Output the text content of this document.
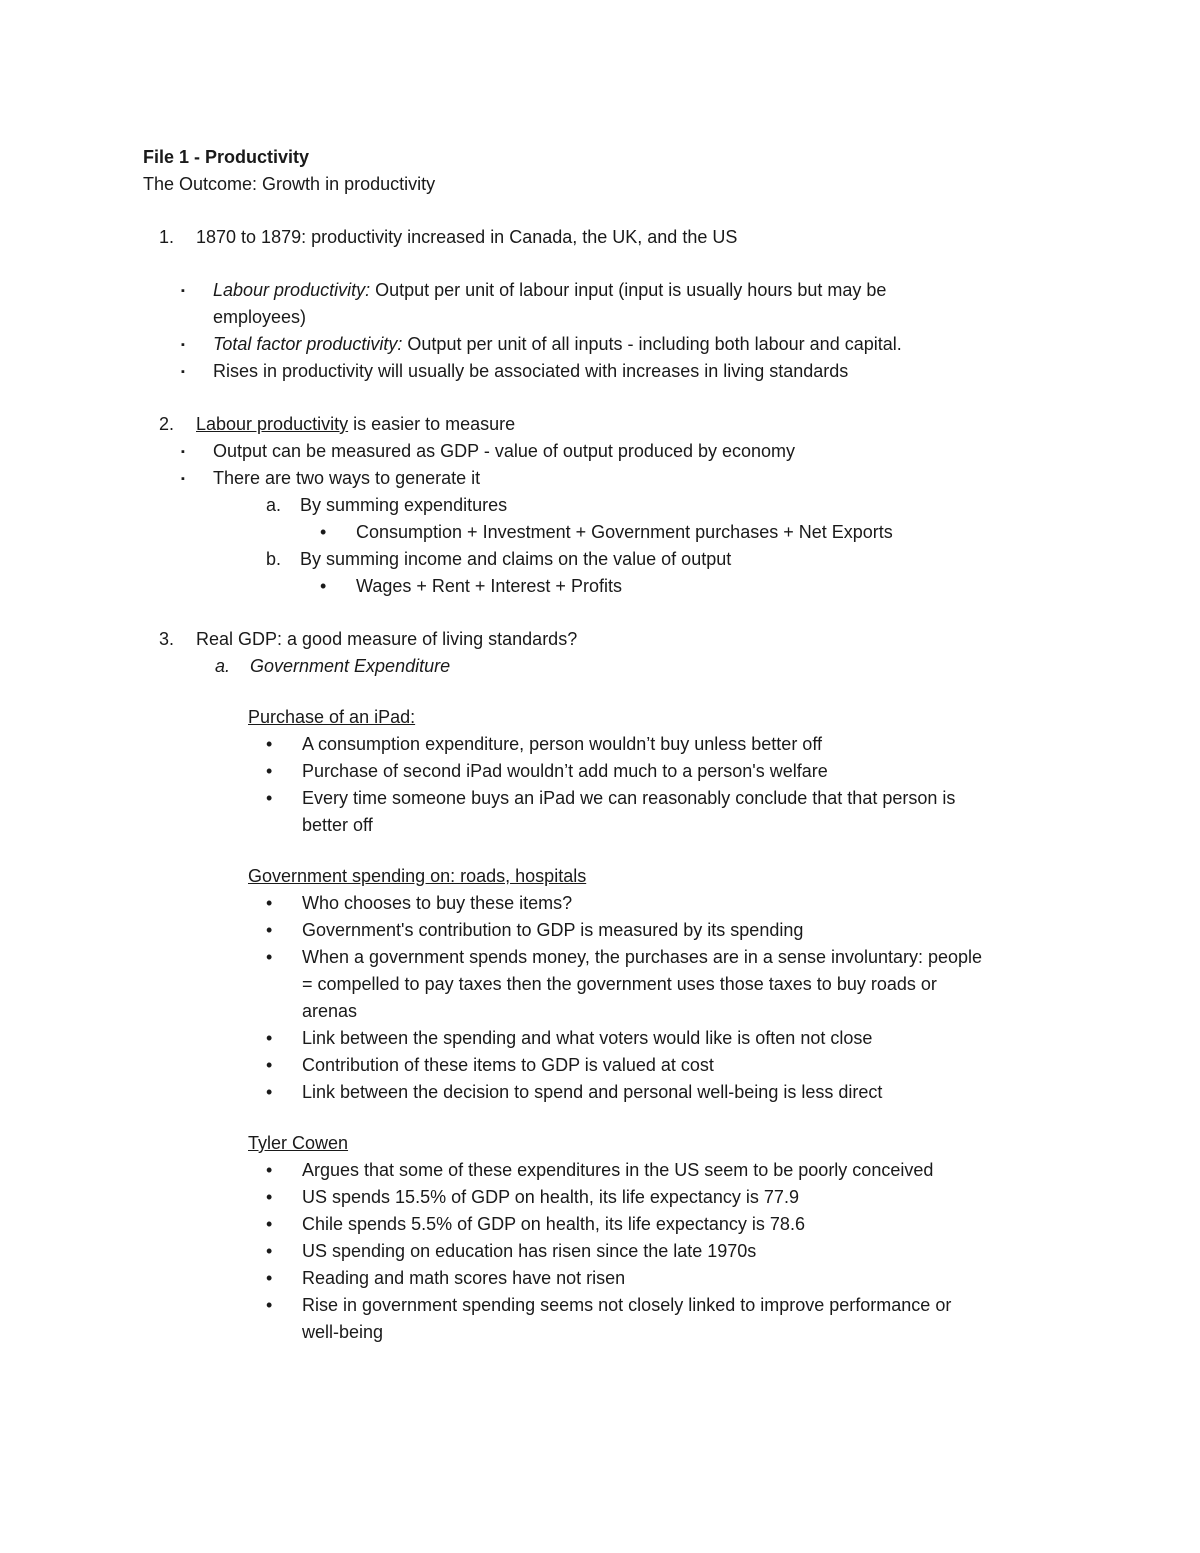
File 1 - Productivity
The Outcome: Growth in productivity
1. 1870 to 1879: productivity increased in Canada, the UK, and the US
▪ Labour productivity: Output per unit of labour input (input is usually hours but may be
employees)
▪ Total factor productivity: Output per unit of all inputs - including both labour and capital.
▪ Rises in productivity will usually be associated with increases in living standards
2. Labour productivity is easier to measure
▪ Output can be measured as GDP - value of output produced by economy
▪ There are two ways to generate it
a. By summing expenditures
• Consumption + Investment + Government purchases + Net Exports
b. By summing income and claims on the value of output
• Wages + Rent + Interest + Profits
3. Real GDP: a good measure of living standards?
a. Government Expenditure
Purchase of an iPad:
• A consumption expenditure, person wouldn’t buy unless better off
• Purchase of second iPad wouldn’t add much to a person's welfare
• Every time someone buys an iPad we can reasonably conclude that that person is
better off
Government spending on: roads, hospitals
• Who chooses to buy these items?
• Government's contribution to GDP is measured by its spending
• When a government spends money, the purchases are in a sense involuntary: people
= compelled to pay taxes then the government uses those taxes to buy roads or
arenas
• Link between the spending and what voters would like is often not close
• Contribution of these items to GDP is valued at cost
• Link between the decision to spend and personal well-being is less direct
Tyler Cowen
• Argues that some of these expenditures in the US seem to be poorly conceived
• US spends 15.5% of GDP on health, its life expectancy is 77.9
• Chile spends 5.5% of GDP on health, its life expectancy is 78.6
• US spending on education has risen since the late 1970s
• Reading and math scores have not risen
• Rise in government spending seems not closely linked to improve performance or
well-being
